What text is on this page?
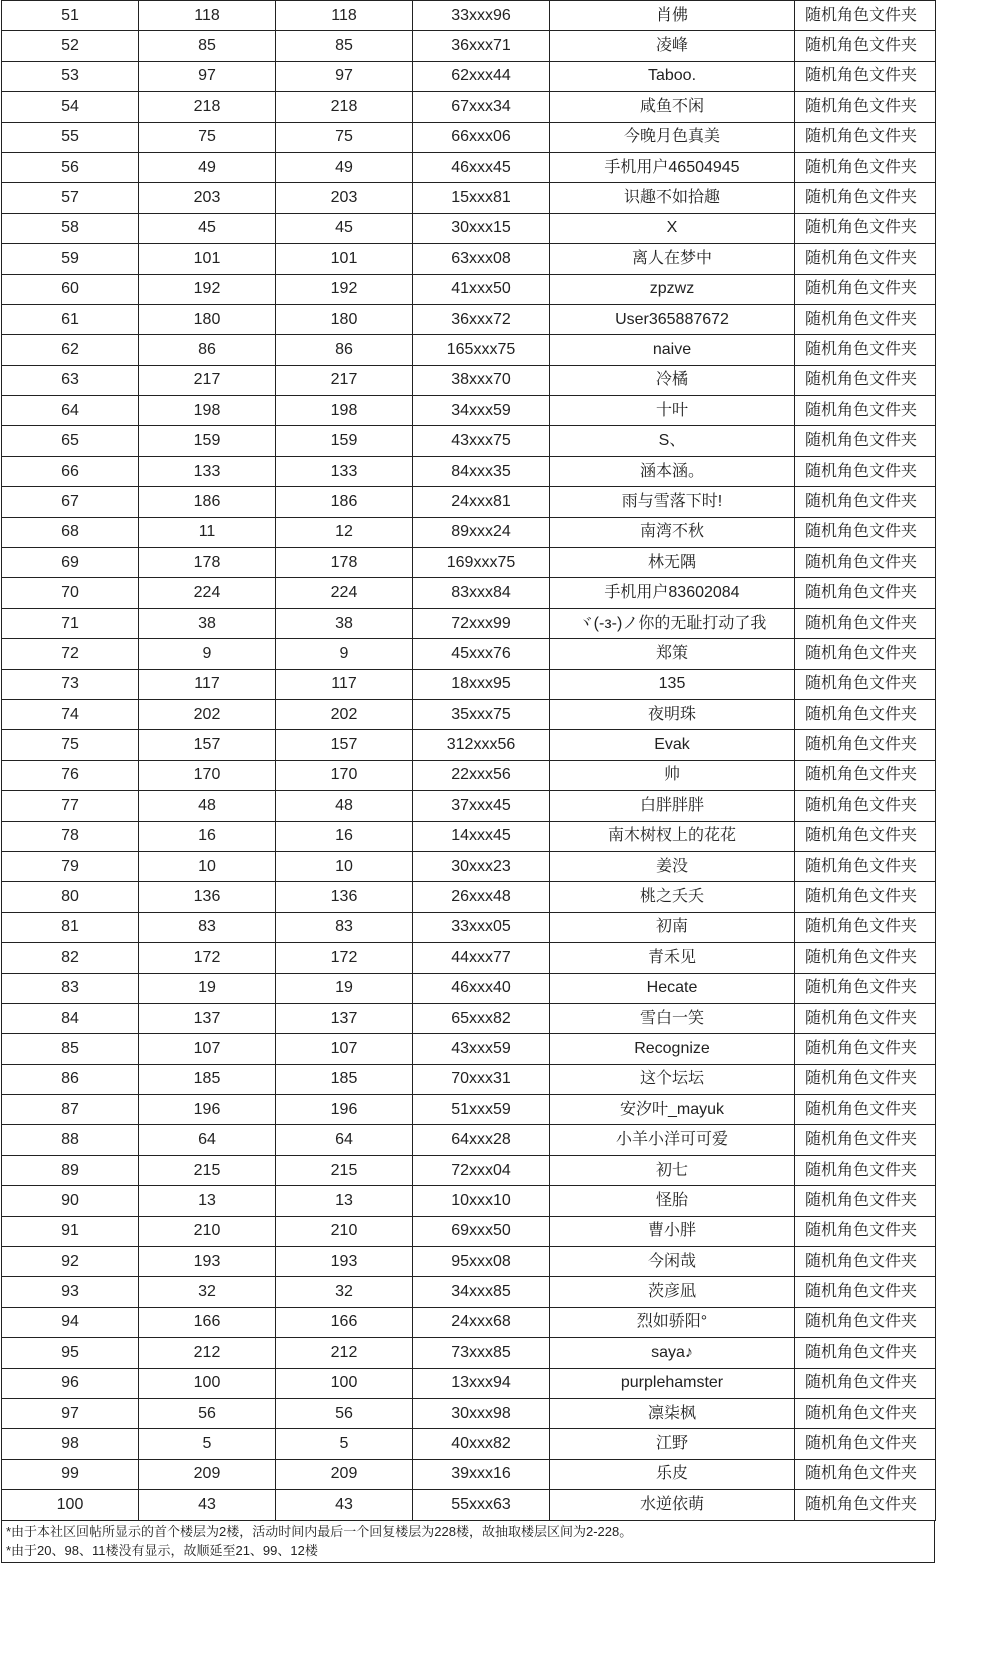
51	118	118	33xxx96	肖佛	随机角色文件夹
52	85	85	36xxx71	凌峰	随机角色文件夹
53	97	97	62xxx44	Taboo.	随机角色文件夹
54	218	218	67xxx34	咸鱼不闲	随机角色文件夹
55	75	75	66xxx06	今晚月色真美	随机角色文件夹
56	49	49	46xxx45	手机用户46504945	随机角色文件夹
57	203	203	15xxx81	识趣不如拾趣	随机角色文件夹
58	45	45	30xxx15	X	随机角色文件夹
59	101	101	63xxx08	离人在梦中	随机角色文件夹
60	192	192	41xxx50	zpzwz	随机角色文件夹
61	180	180	36xxx72	User365887672	随机角色文件夹
62	86	86	165xxx75	naive	随机角色文件夹
63	217	217	38xxx70	冷橘	随机角色文件夹
64	198	198	34xxx59	十叶	随机角色文件夹
65	159	159	43xxx75	S、	随机角色文件夹
66	133	133	84xxx35	涵本涵。	随机角色文件夹
67	186	186	24xxx81	雨与雪落下时!	随机角色文件夹
68	11	12	89xxx24	南湾不秋	随机角色文件夹
69	178	178	169xxx75	林无隅	随机角色文件夹
70	224	224	83xxx84	手机用户83602084	随机角色文件夹
71	38	38	72xxx99	ヾ(-з-)ノ你的无耻打动了我	随机角色文件夹
72	9	9	45xxx76	郑策	随机角色文件夹
73	117	117	18xxx95	135	随机角色文件夹
74	202	202	35xxx75	夜明珠	随机角色文件夹
75	157	157	312xxx56	Evak	随机角色文件夹
76	170	170	22xxx56	帅	随机角色文件夹
77	48	48	37xxx45	白胖胖胖	随机角色文件夹
78	16	16	14xxx45	南木树杈上的花花	随机角色文件夹
79	10	10	30xxx23	姜没	随机角色文件夹
80	136	136	26xxx48	桃之夭夭	随机角色文件夹
81	83	83	33xxx05	初南	随机角色文件夹
82	172	172	44xxx77	青禾见	随机角色文件夹
83	19	19	46xxx40	Hecate	随机角色文件夹
84	137	137	65xxx82	雪白一笑	随机角色文件夹
85	107	107	43xxx59	Recognize	随机角色文件夹
86	185	185	70xxx31	这个坛坛	随机角色文件夹
87	196	196	51xxx59	安汐叶_mayuk	随机角色文件夹
88	64	64	64xxx28	小羊小洋可可爱	随机角色文件夹
89	215	215	72xxx04	初七	随机角色文件夹
90	13	13	10xxx10	怪胎	随机角色文件夹
91	210	210	69xxx50	曹小胖	随机角色文件夹
92	193	193	95xxx08	今闲哉	随机角色文件夹
93	32	32	34xxx85	茨彦凪	随机角色文件夹
94	166	166	24xxx68	烈如骄阳°	随机角色文件夹
95	212	212	73xxx85	saya♪	随机角色文件夹
96	100	100	13xxx94	purplehamster	随机角色文件夹
97	56	56	30xxx98	凛柒枫	随机角色文件夹
98	5	5	40xxx82	江野	随机角色文件夹
99	209	209	39xxx16	乐皮	随机角色文件夹
100	43	43	55xxx63	水逆依萌	随机角色文件夹
*由于本社区回帖所显示的首个楼层为2楼，活动时间内最后一个回复楼层为228楼，故抽取楼层区间为2-228。
*由于20、98、11楼没有显示，故顺延至21、99、12楼
